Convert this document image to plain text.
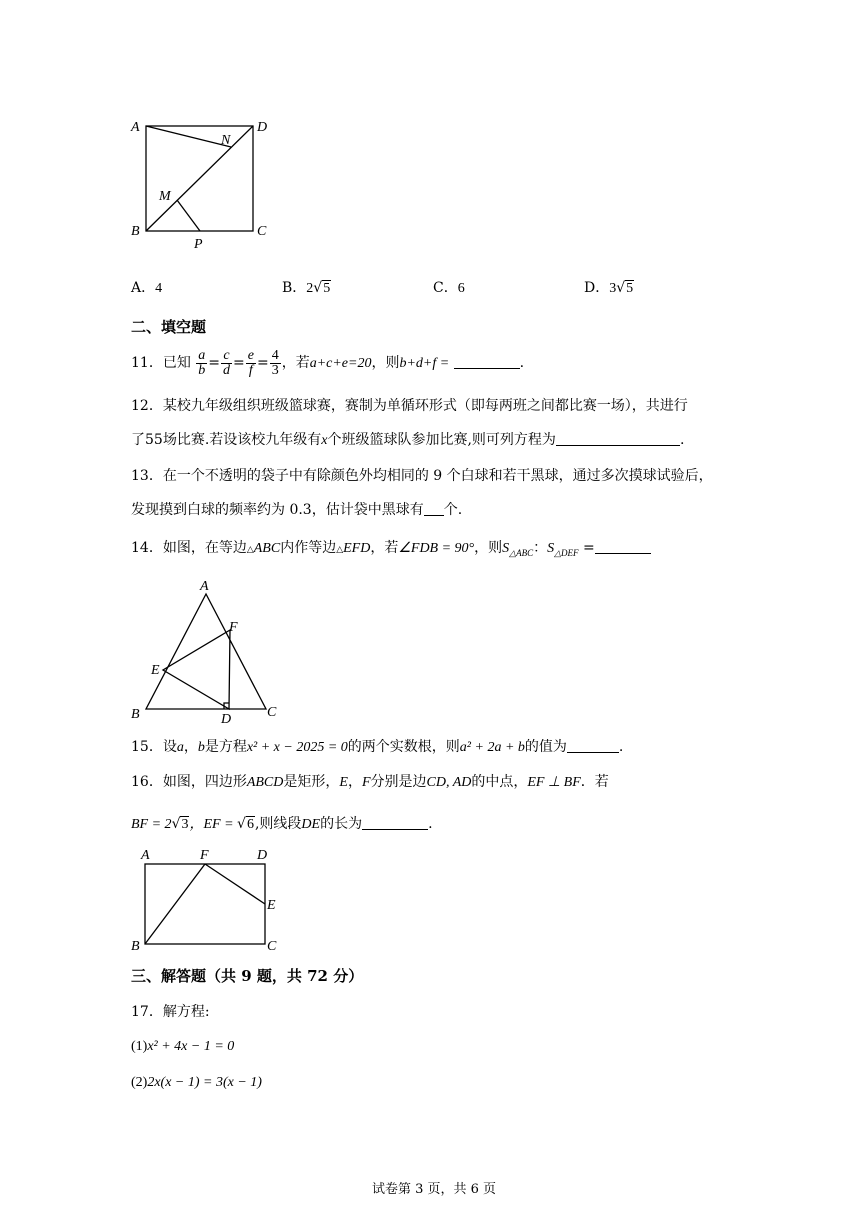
A	D
N
M
B
P
C
A．4	B．2√5	C．6	D．3√5
二、填空题
11．已知 $\frac{a}{b} = \frac{c}{d} = \frac{e}{f} = \frac{4}{3}$ ，若a+c+e=20，则b+d+f =	.
12．某校九年级组织班级篮球赛，赛制为单循环形式（即每两班之间都比赛一场），共进行
了55场比赛.若设该校九年级有x个班级篮球队参加比赛,则可列方程为	.
13．在一个不透明的袋子中有除颜色外均相同的 9 个白球和若干黑球，通过多次摸球试验后，
发现摸到白球的频率约为 0.3，估计袋中黑球有 个.
14．如图，在等边△ABC内作等边△EFD，若∠FDB = 90°，则$S_{\triangle ABC}$：$S_{\triangle DEF}$ =
A
F
E
B	D	C
15．设a，b是方程x² + x − 2025 = 0的两个实数根，则a² + 2a + b的值为	.
16．如图，四边形ABCD是矩形，E，F分别是边CD, AD的中点，EF ⊥ BF．若
BF = 2√3，EF = √6,则线段DE的长为	.
A	F	D
E
B	C
三、解答题（共 9 题，共 72 分）
17．解方程:
(1)x² + 4x − 1 = 0
(2)2x(x − 1) = 3(x − 1)
试卷第 3 页，共 6 页
